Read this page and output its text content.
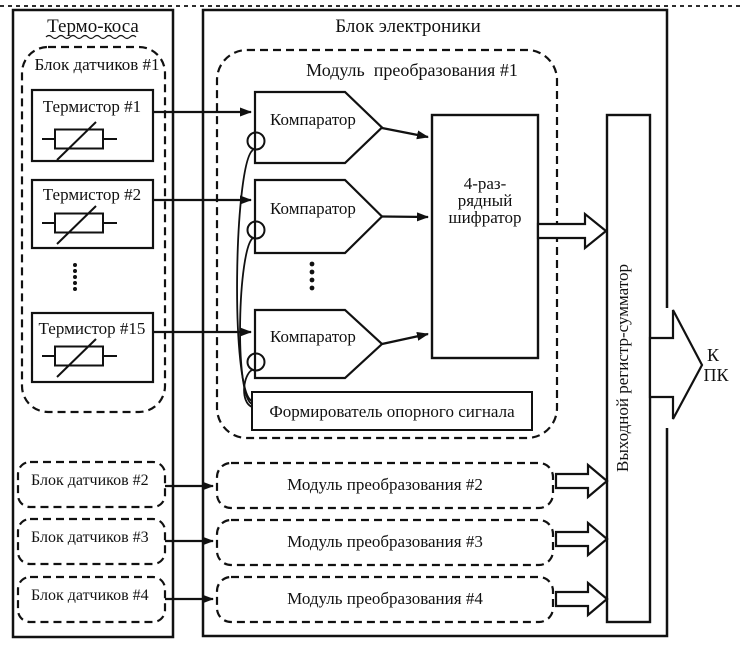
Термо-коса
Блок датчиков #1
Термистор #1
Термистор #2
Термистор #15
Блок датчиков #2
Блок датчиков #3
Блок датчиков #4
Блок электроники
Модуль  преобразования #1
Компаратор
Компаратор
Компаратор
4-раз-
рядный
шифратор
Формирователь опорного сигнала
Модуль преобразования #2
Модуль преобразования #3
Модуль преобразования #4
Выходной регистр-сумматор	К
ПК
